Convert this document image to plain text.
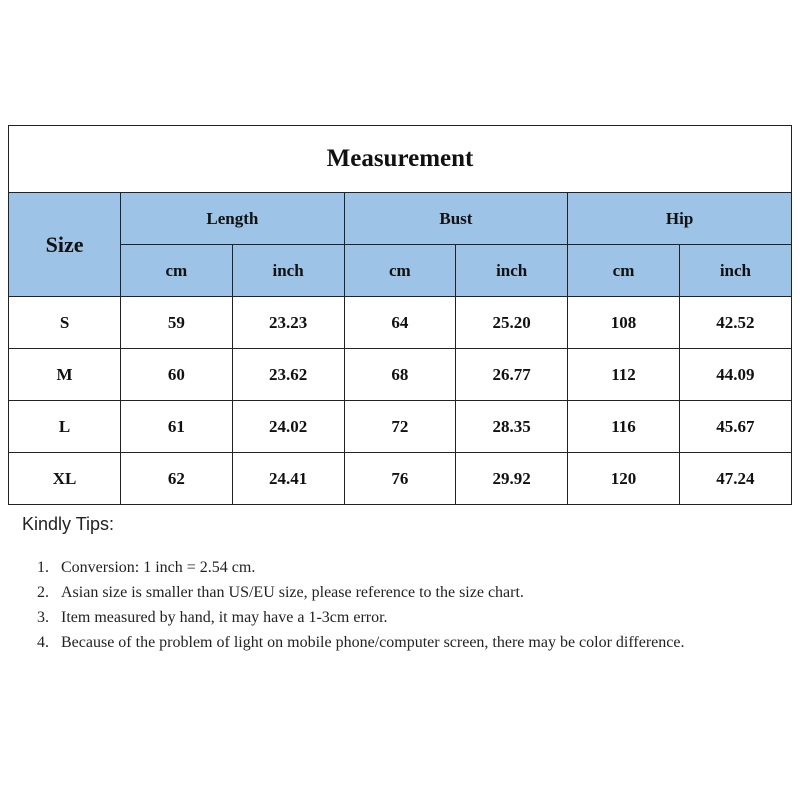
Measurement						
Size	Length		Bust		Hip	
	cm	inch	cm	inch	cm	inch
S	59	23.23	64	25.20	108	42.52
M	60	23.62	68	26.77	112	44.09
L	61	24.02	72	28.35	116	45.67
XL	62	24.41	76	29.92	120	47.24
Kindly Tips:
1. Conversion: 1 inch = 2.54 cm.
2. Asian size is smaller than US/EU size, please reference to the size chart.
3. Item measured by hand, it may have a 1-3cm error.
4. Because of the problem of light on mobile phone/computer screen, there may be color difference.
